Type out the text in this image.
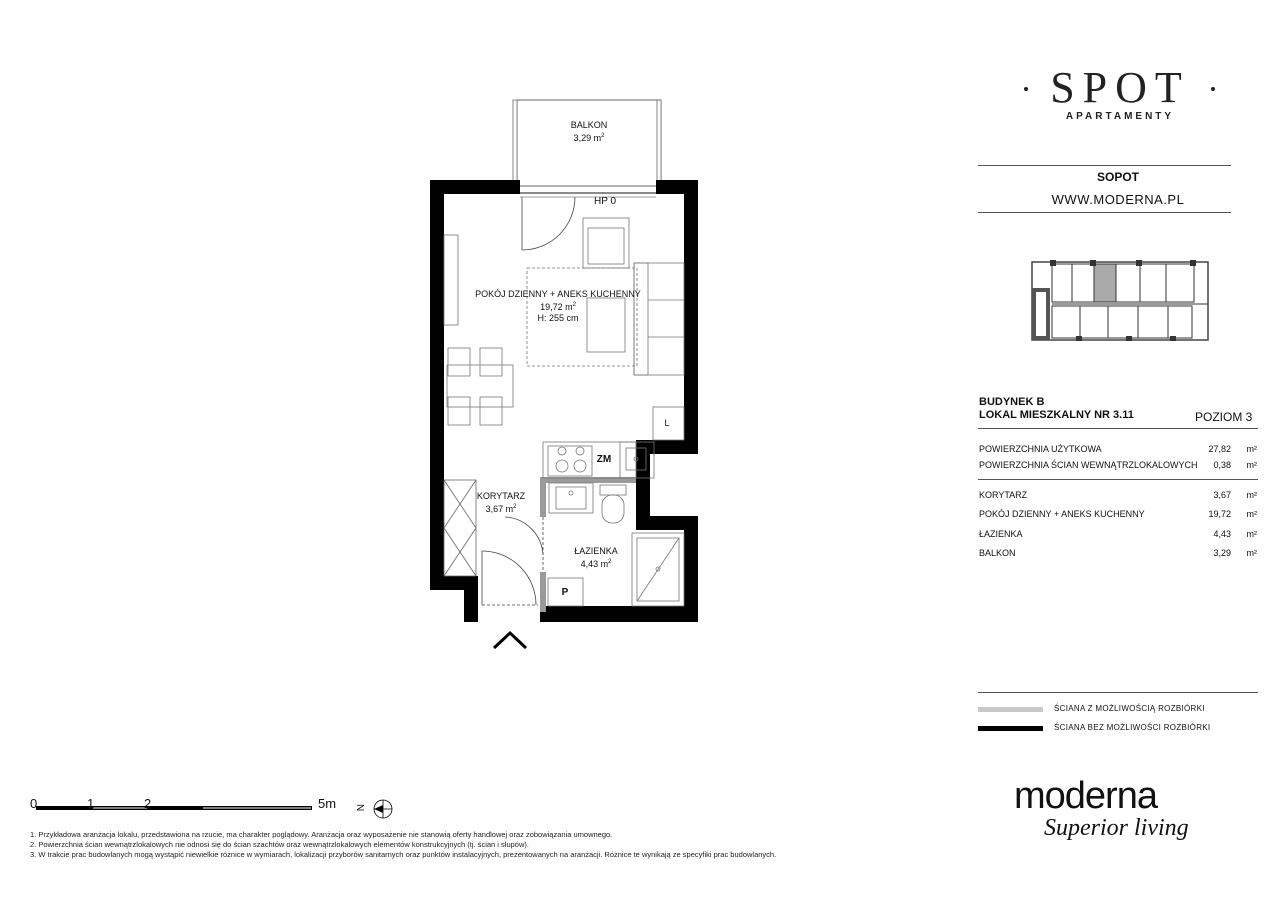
0	1	2	5m N
BALKON
3,29 $m^2$
HP 0
POKÓJ DZIENNY + ANEKS KUCHENNY
19,72 $m^2$
H: 255 cm
KORYTARZ
3,67 $m^2$
ŁAZIENKA
4,43 $m^2$
ZM
L
P
SPOT
APARTAMENTY
SOPOT
WWW.MODERNA.PL
BUDYNEK B
LOKAL MIESZKALNY NR 3.11	POZIOM 3
POWIERZCHNIA UŻYTKOWA	27,82 m²
POWIERZCHNIA ŚCIAN WEWNĄTRZLOKALOWYCH 0,38 m²
KORYTARZ	3,67 m²
POKÓJ DZIENNY + ANEKS KUCHENNY	19,72 m²
ŁAZIENKA	4,43 m²
BALKON	3,29 m²
ŚCIANA Z MOŻLIWOŚCIĄ ROZBIÓRKI
ŚCIANA BEZ MOŻLIWOŚCI ROZBIÓRKI
moderna
Superior living
1. Przykładowa aranżacja lokalu, przedstawiona na rzucie, ma charakter poglądowy. Aranżacja oraz wyposażenie nie stanowią oferty handlowej oraz zobowiązania umownego.
2. Powierzchnia ścian wewnątrzlokalowych nie odnosi się do ścian szachtów oraz wewnątrzlokalowych elementów konstrukcyjnych (tj. ścian i słupów).
3. W trakcie prac budowlanych mogą wystąpić niewielkie różnice w wymiarach, lokalizacji przyborów sanitarnych oraz punktów instalacyjnych, prezentowanych na aranżacji. Różnice te wynikają ze specyfiki prac budowlanych.
